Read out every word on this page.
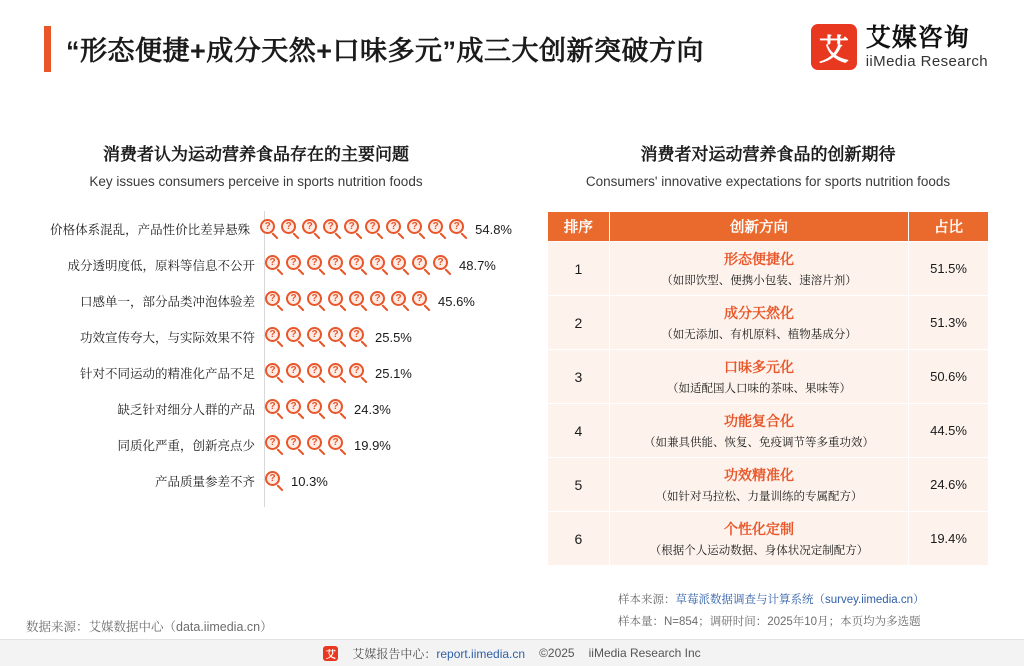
“形态便捷+成分天然+口味多元”成三大创新突破方向	艾 艾媒咨询
iiMedia Research
消费者认为运动营养食品存在的主要问题
Key issues consumers perceive in sports nutrition foods
价格体系混乱，产品性价比差异悬殊	?	?	?	?	?	?	?	?	?	?	54.8%
成分透明度低，原料等信息不公开	?	?	?	?	?	?	?	?	?	48.7%
口感单一，部分品类冲泡体验差	?	?	?	?	?	?	?	?	45.6%
功效宣传夸大，与实际效果不符	?	?	?	?	?	25.5%
针对不同运动的精准化产品不足	?	?	?	?	?	25.1%
缺乏针对细分人群的产品	?	?	?	?	24.3%
同质化严重，创新亮点少	?	?	?	?	19.9%
产品质量参差不齐	?	10.3%
消费者对运动营养食品的创新期待
Consumers' innovative expectations for sports nutrition foods
排序	创新方向	占比
1	形态便捷化
（如即饮型、便携小包装、速溶片剂）	51.5%
2	成分天然化
（如无添加、有机原料、植物基成分）	51.3%
3	口味多元化
（如适配国人口味的茶味、果味等）	50.6%
4	功能复合化
（如兼具供能、恢复、免疫调节等多重功效）	44.5%
5	功效精准化
（如针对马拉松、力量训练的专属配方）	24.6%
6	个性化定制
（根据个人运动数据、身体状况定制配方）	19.4%
数据来源：艾媒数据中心（data.iimedia.cn）
样本来源：草莓派数据调查与计算系统（survey.iimedia.cn）
样本量：N=854；调研时间：2025年10月；本页均为多选题
艾 艾媒报告中心：report.iimedia.cn ©2025 iiMedia Research Inc
